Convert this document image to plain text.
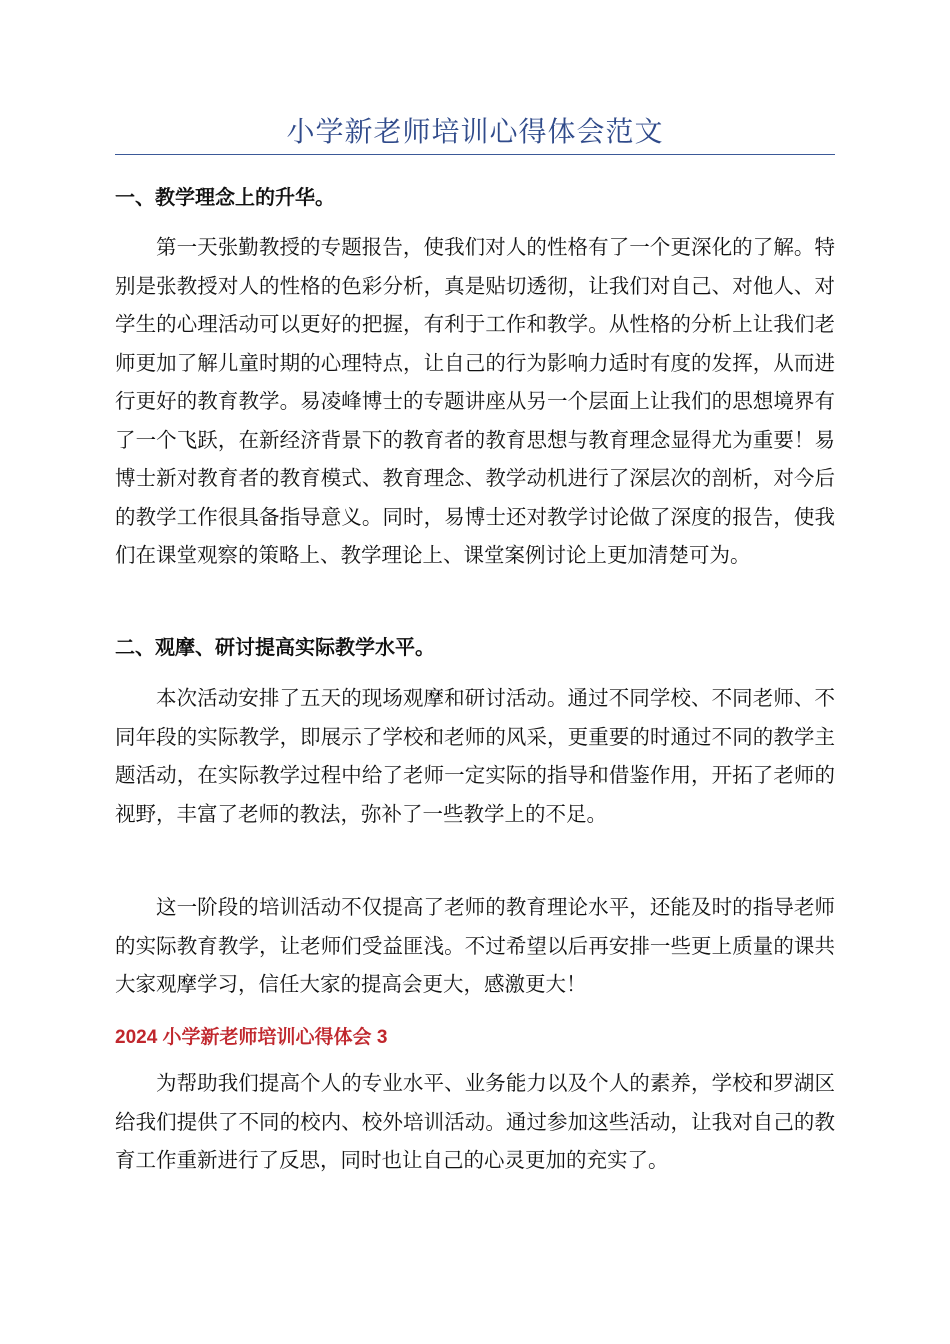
小学新老师培训心得体会范文
一、教学理念上的升华。

第一天张勤教授的专题报告，使我们对人的性格有了一个更深化的了解。特别是张教授对人的性格的色彩分析，真是贴切透彻，让我们对自己、对他人、对学生的心理活动可以更好的把握，有利于工作和教学。从性格的分析上让我们老师更加了解儿童时期的心理特点，让自己的行为影响力适时有度的发挥，从而进行更好的教育教学。易凌峰博士的专题讲座从另一个层面上让我们的思想境界有了一个飞跃，在新经济背景下的教育者的教育思想与教育理念显得尤为重要！易博士新对教育者的教育模式、教育理念、教学动机进行了深层次的剖析，对今后的教学工作很具备指导意义。同时，易博士还对教学讨论做了深度的报告，使我们在课堂观察的策略上、教学理论上、课堂案例讨论上更加清楚可为。

二、观摩、研讨提高实际教学水平。

本次活动安排了五天的现场观摩和研讨活动。通过不同学校、不同老师、不同年段的实际教学，即展示了学校和老师的风采，更重要的时通过不同的教学主题活动，在实际教学过程中给了老师一定实际的指导和借鉴作用，开拓了老师的视野，丰富了老师的教法，弥补了一些教学上的不足。

这一阶段的培训活动不仅提高了老师的教育理论水平，还能及时的指导老师的实际教育教学，让老师们受益匪浅。不过希望以后再安排一些更上质量的课共大家观摩学习，信任大家的提高会更大，感激更大！

2024 小学新老师培训心得体会 3

为帮助我们提高个人的专业水平、业务能力以及个人的素养，学校和罗湖区给我们提供了不同的校内、校外培训活动。通过参加这些活动，让我对自己的教育工作重新进行了反思，同时也让自己的心灵更加的充实了。
